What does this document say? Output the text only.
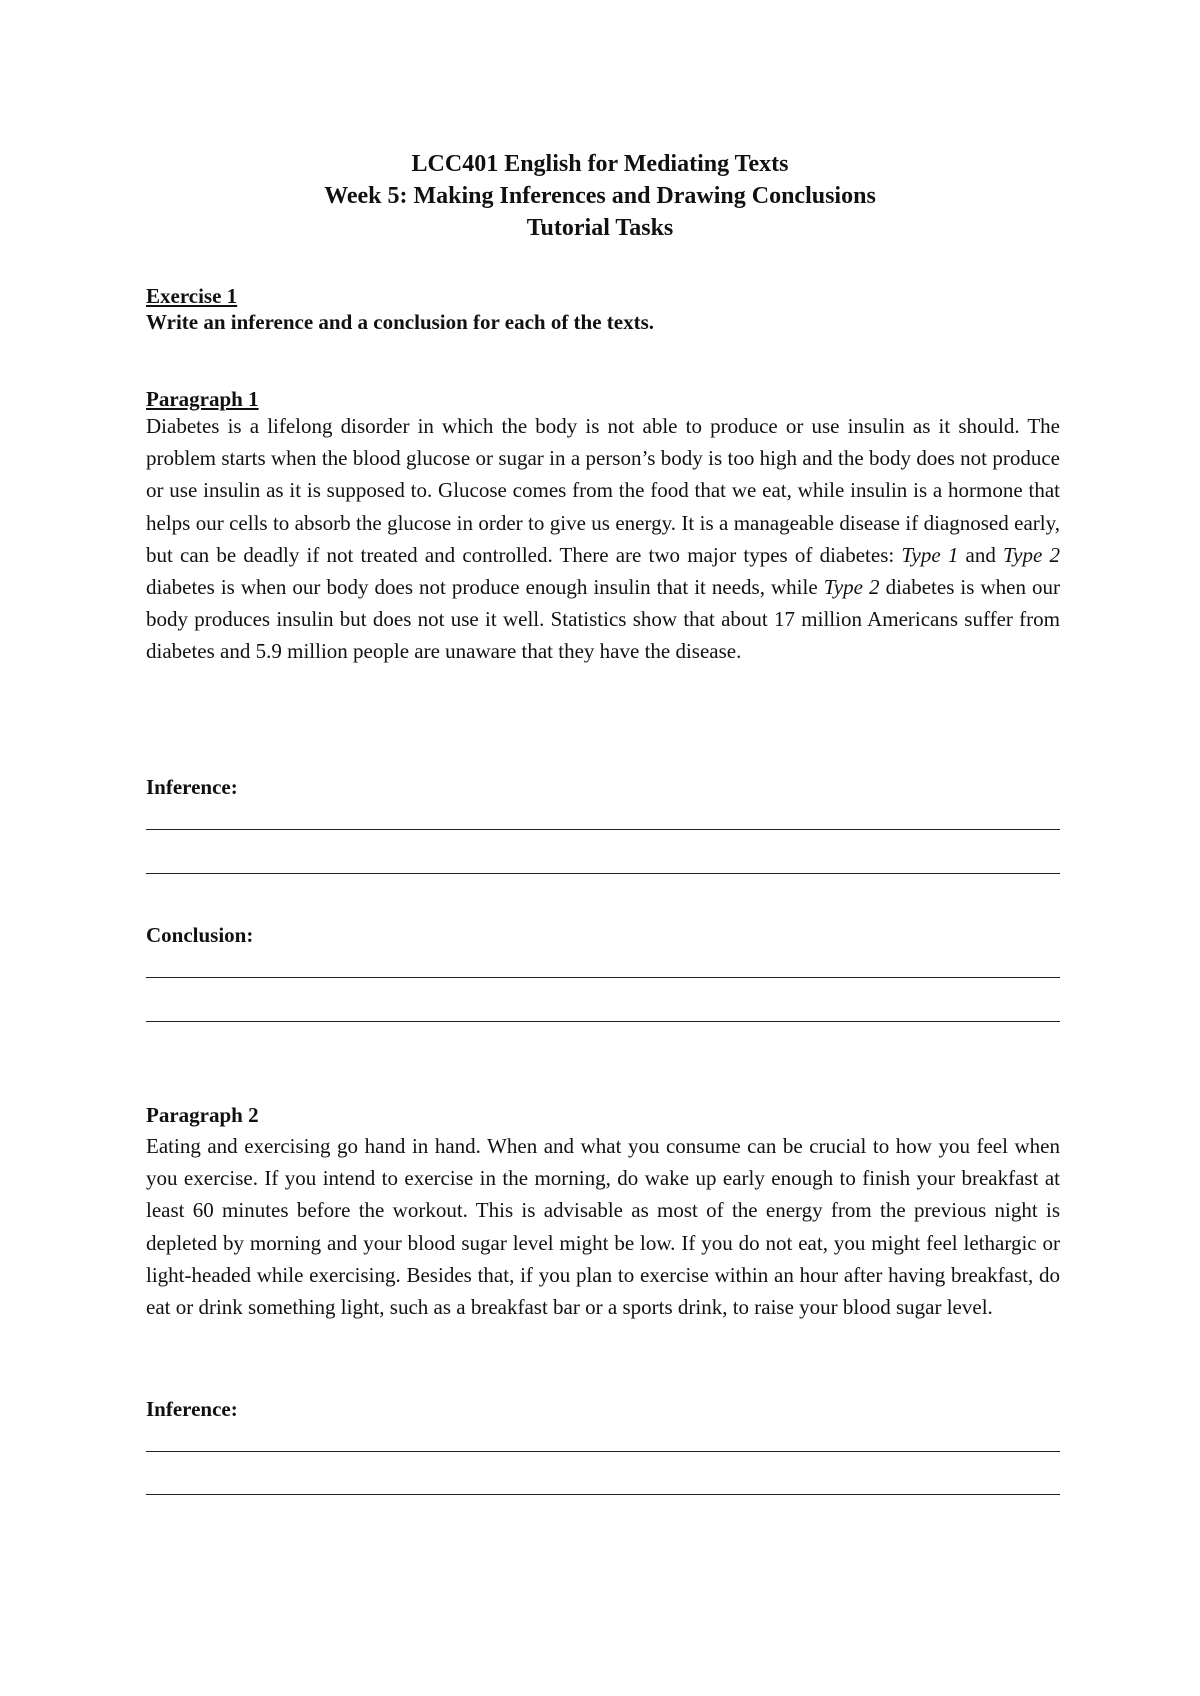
LCC401 English for Mediating Texts
Week 5: Making Inferences and Drawing Conclusions
Tutorial Tasks
Exercise 1
Write an inference and a conclusion for each of the texts.
Paragraph 1

Diabetes is a lifelong disorder in which the body is not able to produce or use insulin as it should. The problem starts when the blood glucose or sugar in a person’s body is too high and the body does not produce or use insulin as it is supposed to. Glucose comes from the food that we eat, while insulin is a hormone that helps our cells to absorb the glucose in order to give us energy. It is a manageable disease if diagnosed early, but can be deadly if not treated and controlled. There are two major types of diabetes: Type 1 and Type 2 diabetes is when our body does not produce enough insulin that it needs, while Type 2 diabetes is when our body produces insulin but does not use it well. Statistics show that about 17 million Americans suffer from diabetes and 5.9 million people are unaware that they have the disease.

Inference:
Conclusion:
Paragraph 2

Eating and exercising go hand in hand. When and what you consume can be crucial to how you feel when you exercise. If you intend to exercise in the morning, do wake up early enough to finish your breakfast at least 60 minutes before the workout. This is advisable as most of the energy from the previous night is depleted by morning and your blood sugar level might be low. If you do not eat, you might feel lethargic or light-headed while exercising. Besides that, if you plan to exercise within an hour after having breakfast, do eat or drink something light, such as a breakfast bar or a sports drink, to raise your blood sugar level.

Inference:
